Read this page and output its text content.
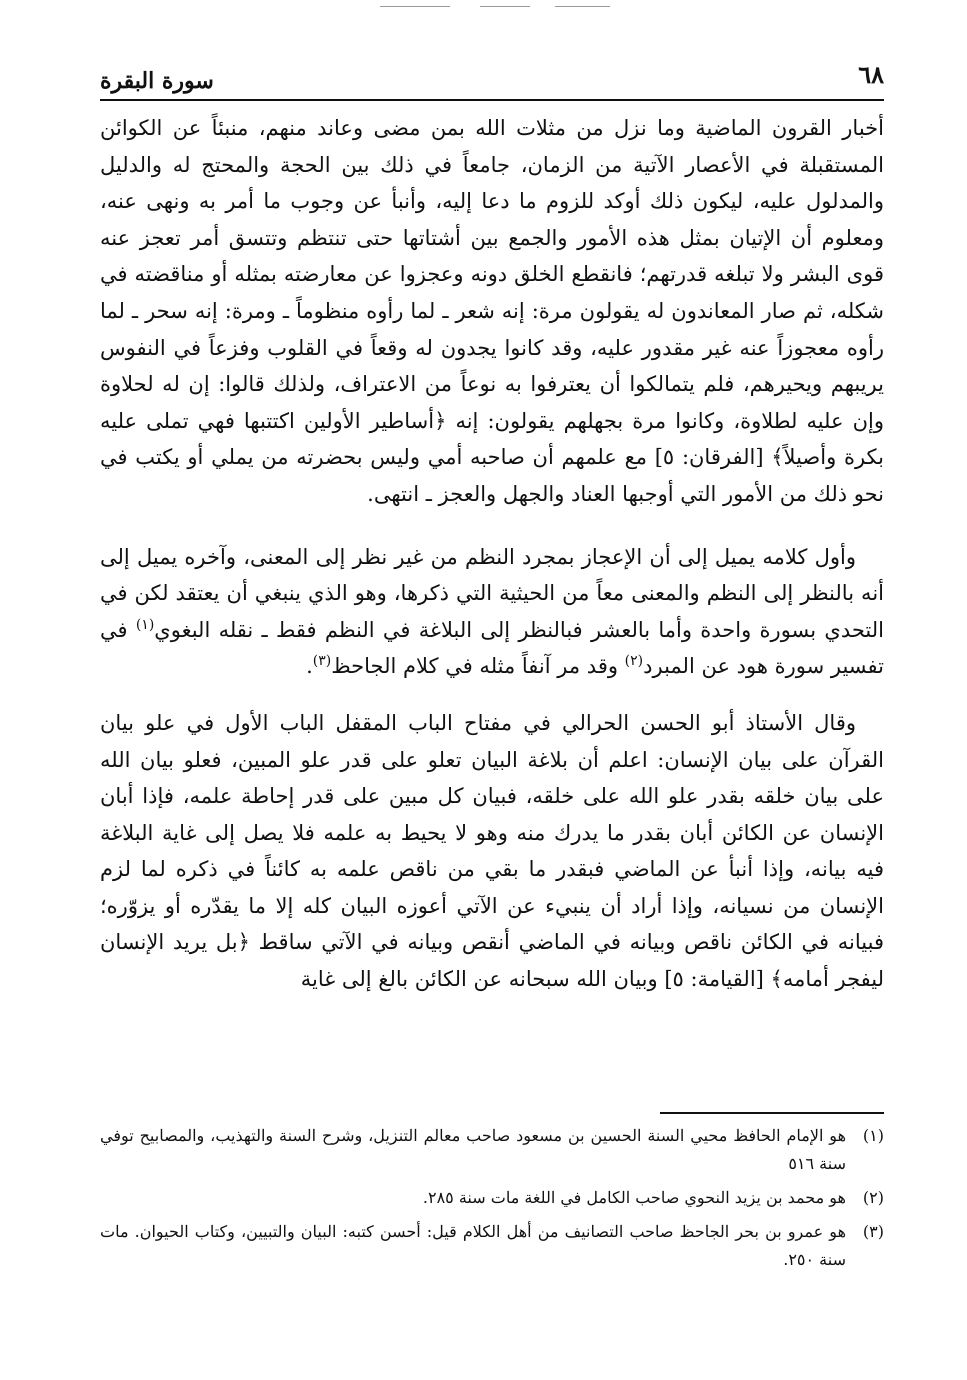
٦٨
سورة البقرة

أخبار القرون الماضية وما نزل من مثلات الله بمن مضى وعاند منهم، منبئاً عن الكوائن المستقبلة في الأعصار الآتية من الزمان، جامعاً في ذلك بين الحجة والمحتج له والدليل والمدلول عليه، ليكون ذلك أوكد للزوم ما دعا إليه، وأنبأ عن وجوب ما أمر به ونهى عنه، ومعلوم أن الإتيان بمثل هذه الأمور والجمع بين أشتاتها حتى تنتظم وتتسق أمر تعجز عنه قوى البشر ولا تبلغه قدرتهم؛ فانقطع الخلق دونه وعجزوا عن معارضته بمثله أو مناقضته في شكله، ثم صار المعاندون له يقولون مرة: إنه شعر ـ لما رأوه منظوماً ـ ومرة: إنه سحر ـ لما رأوه معجوزاً عنه غير مقدور عليه، وقد كانوا يجدون له وقعاً في القلوب وفزعاً في النفوس يريبهم ويحيرهم، فلم يتمالكوا أن يعترفوا به نوعاً من الاعتراف، ولذلك قالوا: إن له لحلاوة وإن عليه لطلاوة، وكانوا مرة بجهلهم يقولون: إنه ﴿أساطير الأولين اكتتبها فهي تملى عليه بكرة وأصيلاً﴾ [الفرقان: ٥] مع علمهم أن صاحبه أمي وليس بحضرته من يملي أو يكتب في نحو ذلك من الأمور التي أوجبها العناد والجهل والعجز ـ انتهى.

وأول كلامه يميل إلى أن الإعجاز بمجرد النظم من غير نظر إلى المعنى، وآخره يميل إلى أنه بالنظر إلى النظم والمعنى معاً من الحيثية التي ذكرها، وهو الذي ينبغي أن يعتقد لكن في التحدي بسورة واحدة وأما بالعشر فبالنظر إلى البلاغة في النظم فقط ـ نقله البغوي$^{(١)}$ في تفسير سورة هود عن المبرد$^{(٢)}$ وقد مر آنفاً مثله في كلام الجاحظ$^{(٣)}$.

وقال الأستاذ أبو الحسن الحرالي في مفتاح الباب المقفل الباب الأول في علو بيان القرآن على بيان الإنسان: اعلم أن بلاغة البيان تعلو على قدر علو المبين، فعلو بيان الله على بيان خلقه بقدر علو الله على خلقه، فبيان كل مبين على قدر إحاطة علمه، فإذا أبان الإنسان عن الكائن أبان بقدر ما يدرك منه وهو لا يحيط به علمه فلا يصل إلى غاية البلاغة فيه بيانه، وإذا أنبأ عن الماضي فبقدر ما بقي من ناقص علمه به كائناً في ذكره لما لزم الإنسان من نسيانه، وإذا أراد أن ينبيء عن الآتي أعوزه البيان كله إلا ما يقدّره أو يزوّره؛ فبيانه في الكائن ناقص وبيانه في الماضي أنقص وبيانه في الآتي ساقط ﴿بل يريد الإنسان ليفجر أمامه﴾ [القيامة: ٥] وبيان الله سبحانه عن الكائن بالغ إلى غاية

(١)
هو الإمام الحافظ محيي السنة الحسين بن مسعود صاحب معالم التنزيل، وشرح السنة والتهذيب، والمصابيح توفي سنة ٥١٦
(٢)
هو محمد بن يزيد النحوي صاحب الكامل في اللغة مات سنة ٢٨٥.
(٣)
هو عمرو بن بحر الجاحظ صاحب التصانيف من أهل الكلام قيل: أحسن كتبه: البيان والتبيين، وكتاب الحيوان. مات سنة ٢٥٠.
